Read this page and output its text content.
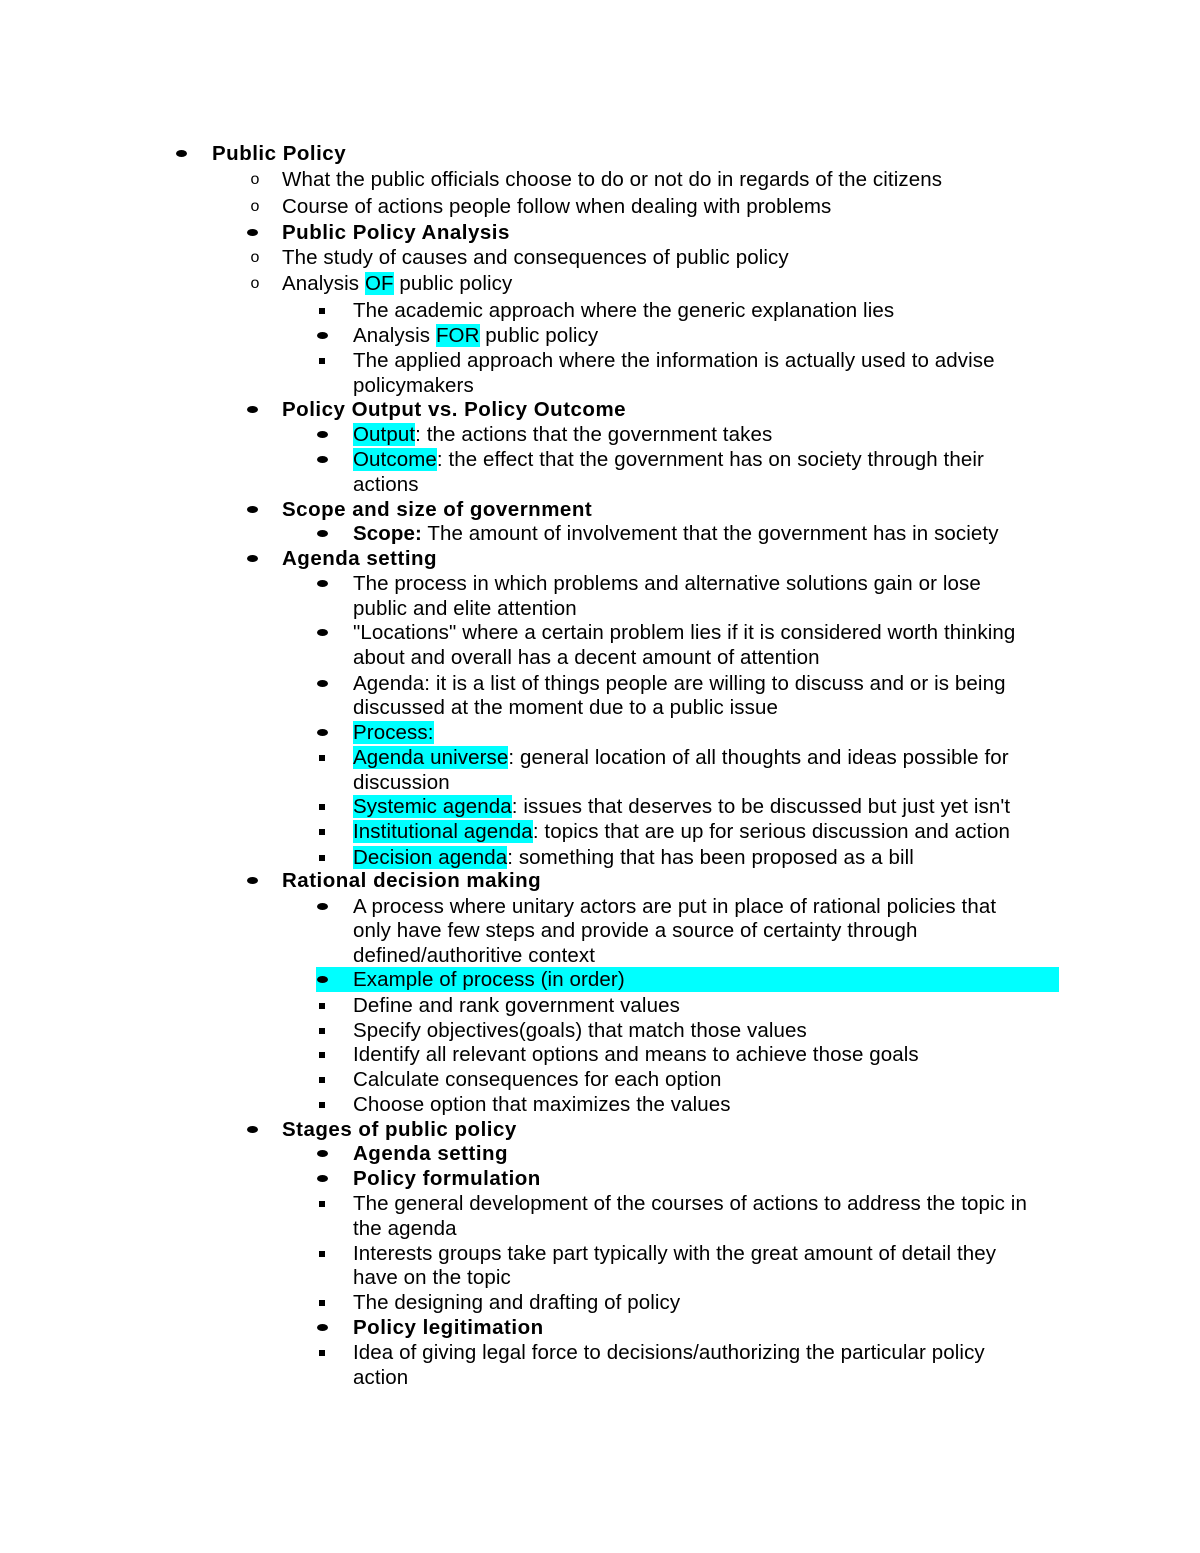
Public Policy
o What the public officials choose to do or not do in regards of the citizens
o Course of actions people follow when dealing with problems
Public Policy Analysis
o The study of causes and consequences of public policy
o Analysis OF public policy
The academic approach where the generic explanation lies
Analysis FOR public policy
The applied approach where the information is actually used to advise
policymakers
Policy Output vs. Policy Outcome
Output: the actions that the government takes
Outcome: the effect that the government has on society through their
actions
Scope and size of government
Scope: The amount of involvement that the government has in society
Agenda setting
The process in which problems and alternative solutions gain or lose
public and elite attention
"Locations" where a certain problem lies if it is considered worth thinking
about and overall has a decent amount of attention
Agenda: it is a list of things people are willing to discuss and or is being
discussed at the moment due to a public issue
Process:
Agenda universe: general location of all thoughts and ideas possible for
discussion
Systemic agenda: issues that deserves to be discussed but just yet isn't
Institutional agenda: topics that are up for serious discussion and action
Decision agenda: something that has been proposed as a bill
Rational decision making
A process where unitary actors are put in place of rational policies that
only have few steps and provide a source of certainty through
defined/authoritive context
Example of process (in order)
Define and rank government values
Specify objectives(goals) that match those values
Identify all relevant options and means to achieve those goals
Calculate consequences for each option
Choose option that maximizes the values
Stages of public policy
Agenda setting
Policy formulation
The general development of the courses of actions to address the topic in
the agenda
Interests groups take part typically with the great amount of detail they
have on the topic
The designing and drafting of policy
Policy legitimation
Idea of giving legal force to decisions/authorizing the particular policy
action
